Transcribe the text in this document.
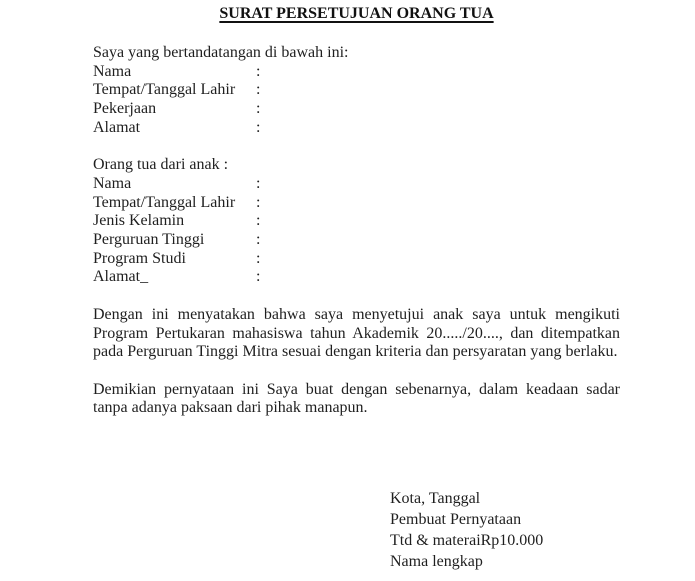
SURAT PERSETUJUAN ORANG TUA

Saya yang bertandatangan di bawah ini:

Nama	:
Tempat/Tanggal Lahir	:
Pekerjaan	:
Alamat	:

Orang tua dari anak :

Nama	:
Tempat/Tanggal Lahir	:
Jenis Kelamin	:
Perguruan Tinggi	:
Program Studi	:
Alamat_	:

Dengan ini menyatakan bahwa saya menyetujui anak saya untuk mengikuti Program Pertukaran mahasiswa tahun Akademik 20...../20...., dan ditempatkan pada Perguruan Tinggi Mitra sesuai dengan kriteria dan persyaratan yang berlaku.

Demikian pernyataan ini Saya buat dengan sebenarnya, dalam keadaan sadar tanpa adanya paksaan dari pihak manapun.

Kota, Tanggal
Pembuat Pernyataan
Ttd & materaiRp10.000
Nama lengkap
